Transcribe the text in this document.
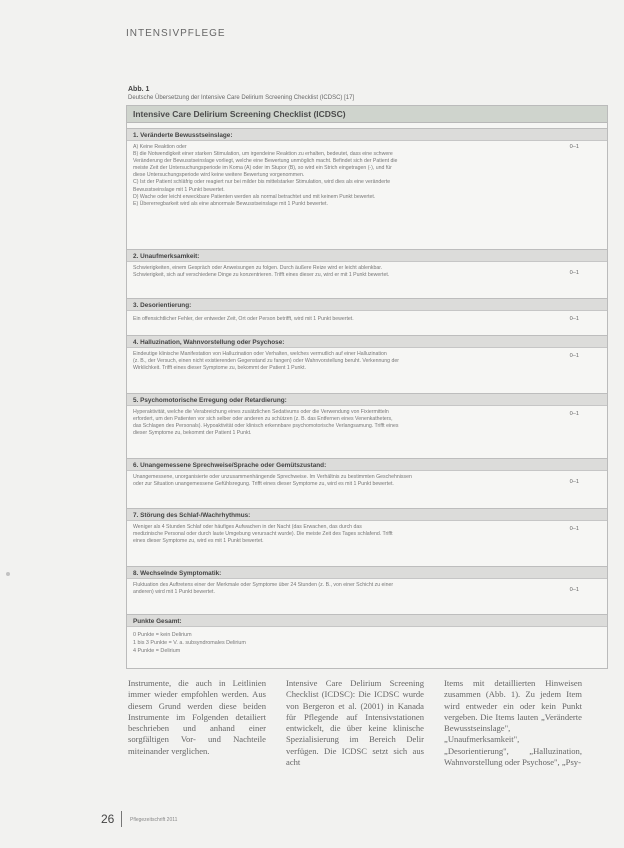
INTENSIVPFLEGE
Abb. 1
Deutsche Übersetzung der Intensive Care Delirium Screening Checklist (ICDSC) [17]
Intensive Care Delirium Screening Checklist (ICDSC)
1. Veränderte Bewusstseinslage:
A) Keine Reaktion oder
B) die Notwendigkeit einer starken Stimulation, um irgendeine Reaktion zu erhalten, bedeutet, dass eine schwere
Veränderung der Bewusstseinslage vorliegt, welche eine Bewertung unmöglich macht. Befindet sich der Patient die
meiste Zeit der Untersuchungsperiode im Koma (A) oder im Stupor (B), so wird ein Strich eingetragen (-), und für
diese Untersuchungsperiode wird keine weitere Bewertung vorgenommen.
C) Ist der Patient schläfrig oder reagiert nur bei milder bis mittelstarker Stimulation, wird dies als eine veränderte
Bewusstseinslage mit 1 Punkt bewertet.
D) Wache oder leicht erweckbare Patienten werden als normal betrachtet und mit keinem Punkt bewertet.
E) Übererregbarkeit wird als eine abnormale Bewusstseinslage mit 1 Punkt bewertet.
0–1
2. Unaufmerksamkeit:
Schwierigkeiten, einem Gespräch oder Anweisungen zu folgen. Durch äußere Reize wird er leicht ablenkbar.
Schwierigkeit, sich auf verschiedene Dinge zu konzentrieren. Trifft eines dieser zu, wird er mit 1 Punkt bewertet.	0–1
3. Desorientierung:
Ein offensichtlicher Fehler, der entweder Zeit, Ort oder Person betrifft, wird mit 1 Punkt bewertet.	0–1
4. Halluzination, Wahnvorstellung oder Psychose:
Eindeutige klinische Manifestation von Halluzination oder Verhalten, welches vermutlich auf einer Halluzination
(z. B., der Versuch, einen nicht existierenden Gegenstand zu fangen) oder Wahnvorstellung beruht. Verkennung der
Wirklichkeit. Trifft eines dieser Symptome zu, bekommt der Patient 1 Punkt.
0–1
5. Psychomotorische Erregung oder Retardierung:
Hyperaktivität, welche die Verabreichung eines zusätzlichen Sedativums oder die Verwendung von Fixiermitteln
erfordert, um den Patienten vor sich selber oder anderen zu schützen (z. B. das Entfernen eines Venenkatheters,
das Schlagen des Personals). Hypoaktivität oder klinisch erkennbare psychomotorische Verlangsamung. Trifft eines
dieser Symptome zu, bekommt der Patient 1 Punkt.
0–1
6. Unangemessene Sprechweise/Sprache oder Gemütszustand:
Unangemessene, unorganisierte oder unzusammenhängende Sprechweise. Im Verhältnis zu bestimmten Geschehnissen
oder zur Situation unangemessene Gefühlsregung. Trifft eines dieser Symptome zu, wird es mit 1 Punkt bewertet.	0–1
7. Störung des Schlaf-/Wachrhythmus:
Weniger als 4 Stunden Schlaf oder häufiges Aufwachen in der Nacht (das Erwachen, das durch das
medizinische Personal oder durch laute Umgebung verursacht wurde). Die meiste Zeit des Tages schlafend. Trifft
eines dieser Symptome zu, wird es mit 1 Punkt bewertet.
0–1
8. Wechselnde Symptomatik:
Fluktuation des Auftretens einer der Merkmale oder Symptome über 24 Stunden (z. B., von einer Schicht zu einer
anderen) wird mit 1 Punkt bewertet.	0–1
Punkte Gesamt:
0 Punkte = kein Delirium
1 bis 3 Punkte = V. a. subsyndromales Delirium
4 Punkte = Delirium
Instrumente, die auch in Leitlinien immer wieder empfohlen werden. Aus diesem Grund werden diese beiden Instrumente im Folgenden detailiert beschrieben und anhand einer sorgfältigen Vor- und Nachteile miteinander verglichen.
Intensive Care Delirium Screening Checklist (ICDSC): Die ICDSC wurde von Bergeron et al. (2001) in Kanada für Pflegende auf Intensivstationen entwickelt, die über keine klinische Spezialisierung im Bereich Delir verfügen. Die ICDSC setzt sich aus acht
Items mit detaillierten Hinweisen zusammen (Abb. 1). Zu jedem Item wird entweder ein oder kein Punkt vergeben. Die Items lauten „Veränderte Bewusstseinslage", „Unaufmerksamkeit", „Desorientierung", „Halluzination, Wahnvorstellung oder Psychose", „Psy-
26	Pflegezeitschrift 2011
